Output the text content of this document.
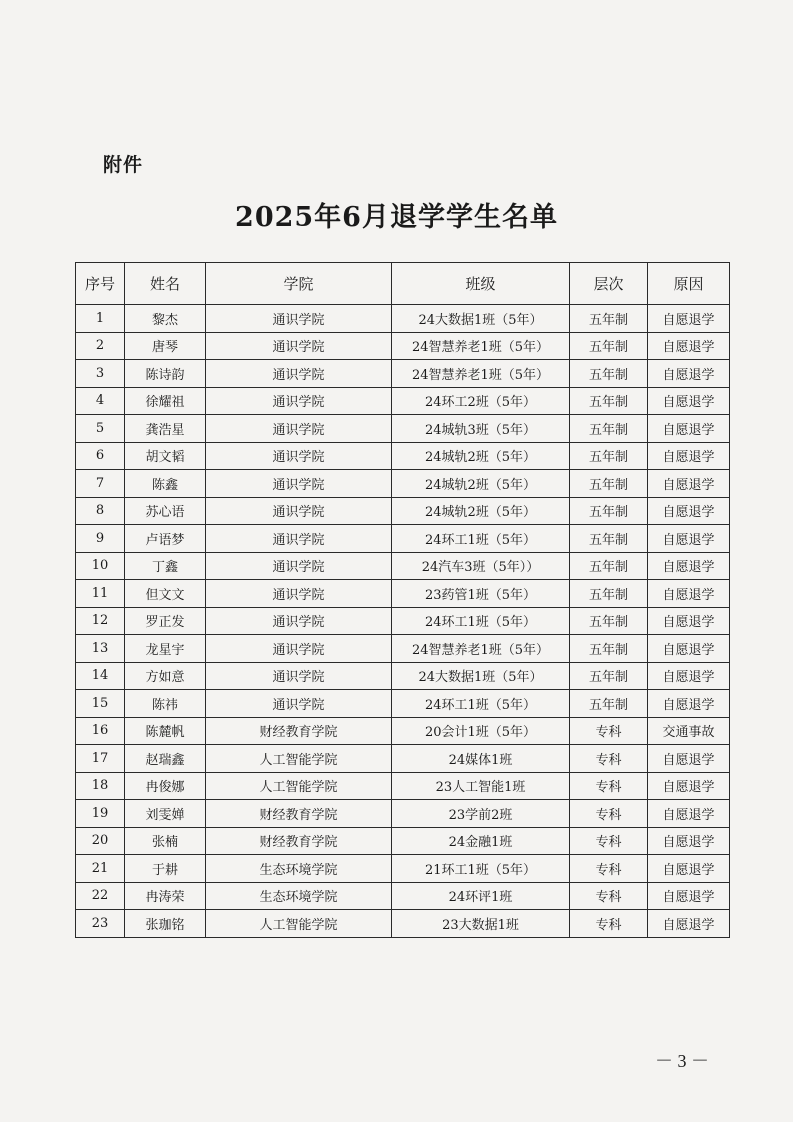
附件
2025年6月退学学生名单
序号	姓名	学院	班级	层次	原因
1	黎杰	通识学院	24大数据1班（5年）	五年制	自愿退学
2	唐琴	通识学院	24智慧养老1班（5年）	五年制	自愿退学
3	陈诗韵	通识学院	24智慧养老1班（5年）	五年制	自愿退学
4	徐耀祖	通识学院	24环工2班（5年）	五年制	自愿退学
5	龚浩星	通识学院	24城轨3班（5年）	五年制	自愿退学
6	胡文韬	通识学院	24城轨2班（5年）	五年制	自愿退学
7	陈鑫	通识学院	24城轨2班（5年）	五年制	自愿退学
8	苏心语	通识学院	24城轨2班（5年）	五年制	自愿退学
9	卢语梦	通识学院	24环工1班（5年）	五年制	自愿退学
10	丁鑫	通识学院	24汽车3班（5年））	五年制	自愿退学
11	但文文	通识学院	23药管1班（5年）	五年制	自愿退学
12	罗正发	通识学院	24环工1班（5年）	五年制	自愿退学
13	龙星宇	通识学院	24智慧养老1班（5年）	五年制	自愿退学
14	方如意	通识学院	24大数据1班（5年）	五年制	自愿退学
15	陈祎	通识学院	24环工1班（5年）	五年制	自愿退学
16	陈麓帆	财经教育学院	20会计1班（5年）	专科	交通事故
17	赵瑞鑫	人工智能学院	24媒体1班	专科	自愿退学
18	冉俊娜	人工智能学院	23人工智能1班	专科	自愿退学
19	刘雯婵	财经教育学院	23学前2班	专科	自愿退学
20	张楠	财经教育学院	24金融1班	专科	自愿退学
21	于耕	生态环境学院	21环工1班（5年）	专科	自愿退学
22	冉涛荣	生态环境学院	24环评1班	专科	自愿退学
23	张珈铭	人工智能学院	23大数据1班	专科	自愿退学
－ 3 －
